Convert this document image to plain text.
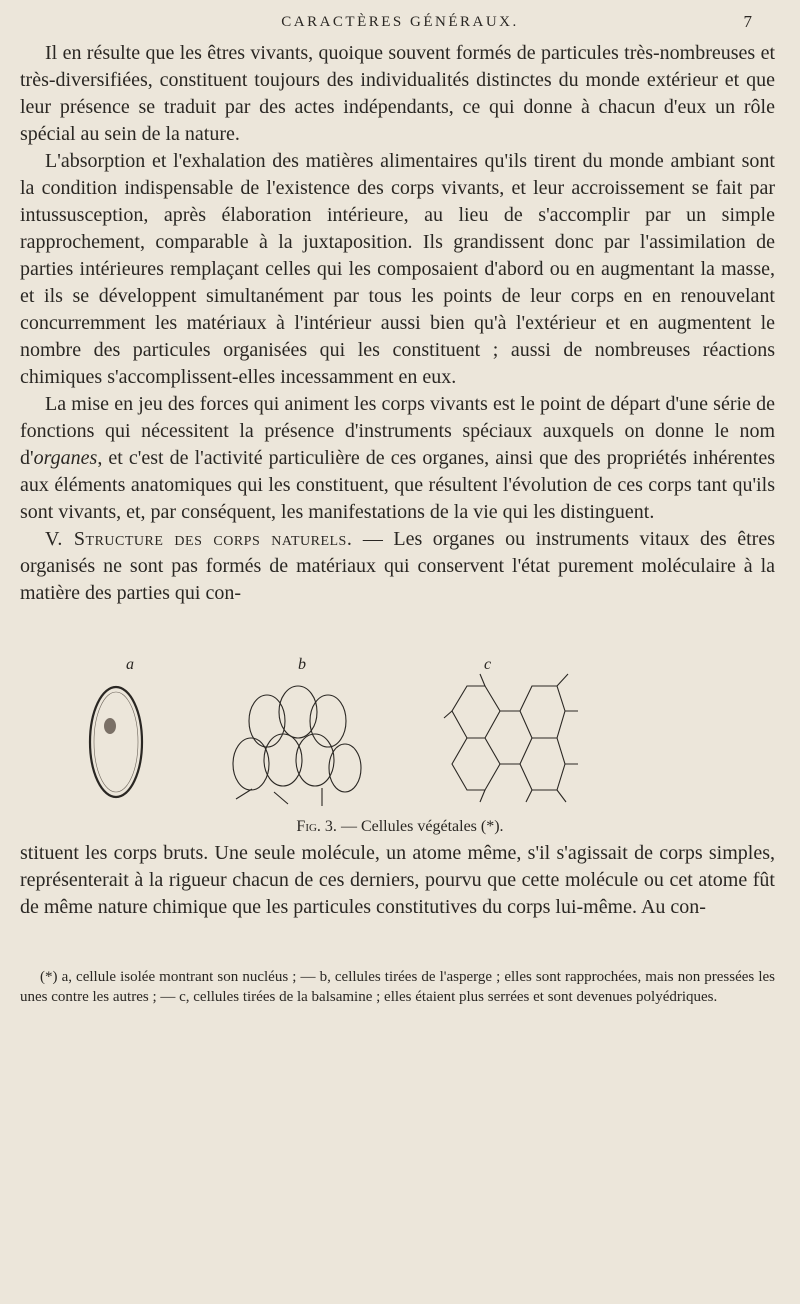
CARACTÈRES GÉNÉRAUX.	7

Il en résulte que les êtres vivants, quoique souvent formés de particules très-nombreuses et très-diversifiées, constituent toujours des individualités distinctes du monde extérieur et que leur présence se traduit par des actes indépendants, ce qui donne à chacun d'eux un rôle spécial au sein de la nature.

L'absorption et l'exhalation des matières alimentaires qu'ils tirent du monde ambiant sont la condition indispensable de l'existence des corps vivants, et leur accroissement se fait par intussusception, après élaboration intérieure, au lieu de s'accomplir par un simple rapprochement, comparable à la juxtaposition. Ils grandissent donc par l'assimilation de parties intérieures remplaçant celles qui les composaient d'abord ou en augmentant la masse, et ils se développent simultanément par tous les points de leur corps en en renouvelant concurremment les matériaux à l'intérieur aussi bien qu'à l'extérieur et en augmentent le nombre des particules organisées qui les constituent ; aussi de nombreuses réactions chimiques s'accomplissent-elles incessamment en eux.

La mise en jeu des forces qui animent les corps vivants est le point de départ d'une série de fonctions qui nécessitent la présence d'instruments spéciaux auxquels on donne le nom d'organes, et c'est de l'activité particulière de ces organes, ainsi que des propriétés inhérentes aux éléments anatomiques qui les constituent, que résultent l'évolution de ces corps tant qu'ils sont vivants, et, par conséquent, les manifestations de la vie qui les distinguent.

V. Structure des corps naturels. — Les organes ou instruments vitaux des êtres organisés ne sont pas formés de matériaux qui conservent l'état purement moléculaire à la matière des parties qui con-

a	b	c
Fig. 3. — Cellules végétales (*).

stituent les corps bruts. Une seule molécule, un atome même, s'il s'agissait de corps simples, représenterait à la rigueur chacun de ces derniers, pourvu que cette molécule ou cet atome fût de même nature chimique que les particules constitutives du corps lui-même. Au con-

(*) a, cellule isolée montrant son nucléus ; — b, cellules tirées de l'asperge ; elles sont rapprochées, mais non pressées les unes contre les autres ; — c, cellules tirées de la balsamine ; elles étaient plus serrées et sont devenues polyédriques.
